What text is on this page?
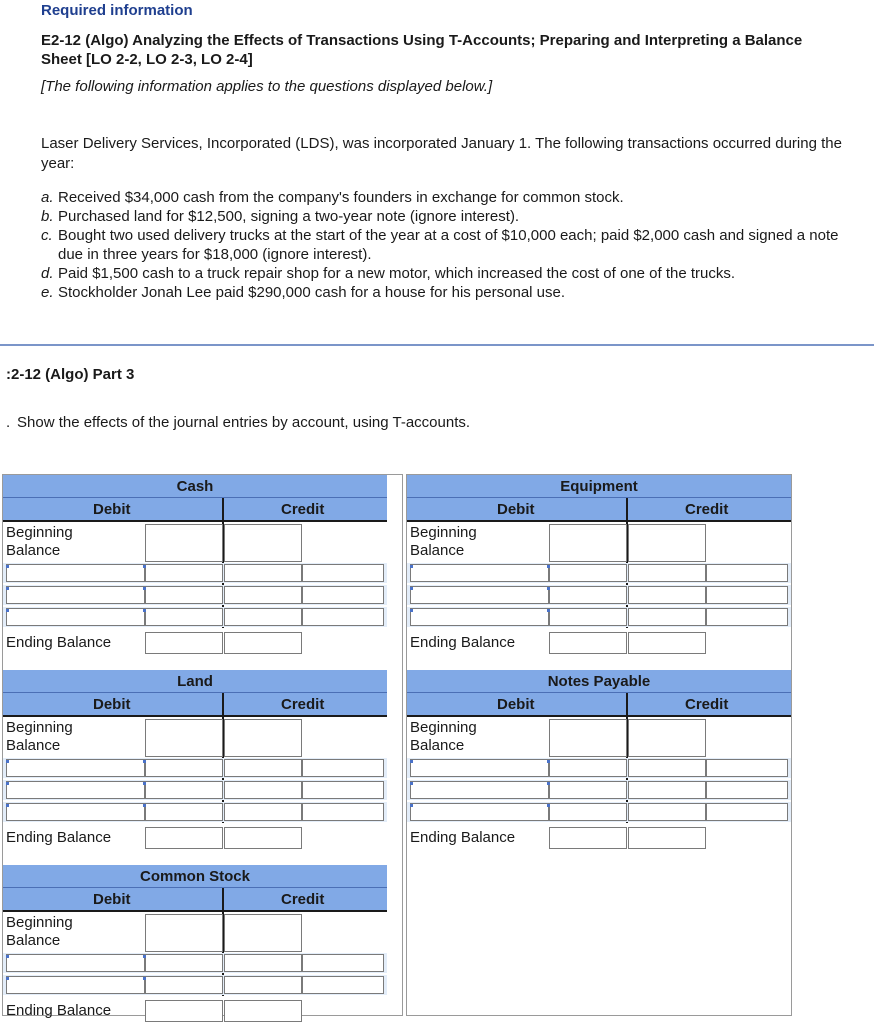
Required information
E2-12 (Algo) Analyzing the Effects of Transactions Using T-Accounts; Preparing and Interpreting a Balance Sheet [LO 2-2, LO 2-3, LO 2-4]
[The following information applies to the questions displayed below.]
Laser Delivery Services, Incorporated (LDS), was incorporated January 1. The following transactions occurred during the year:
a. Received $34,000 cash from the company's founders in exchange for common stock.
b. Purchased land for $12,500, signing a two-year note (ignore interest).
c. Bought two used delivery trucks at the start of the year at a cost of $10,000 each; paid $2,000 cash and signed a note due in three years for $18,000 (ignore interest).
d. Paid $1,500 cash to a truck repair shop for a new motor, which increased the cost of one of the trucks.
e. Stockholder Jonah Lee paid $290,000 cash for a house for his personal use.
:2-12 (Algo) Part 3
. Show the effects of the journal entries by account, using T-accounts.
Cash
Debit	Credit
Beginning
Balance
Ending Balance
Equipment
Debit	Credit
Beginning
Balance
Ending Balance
Land
Debit	Credit
Beginning
Balance
Ending Balance
Notes Payable
Debit	Credit
Beginning
Balance
Ending Balance
Common Stock
Debit	Credit
Beginning
Balance
Ending Balance
